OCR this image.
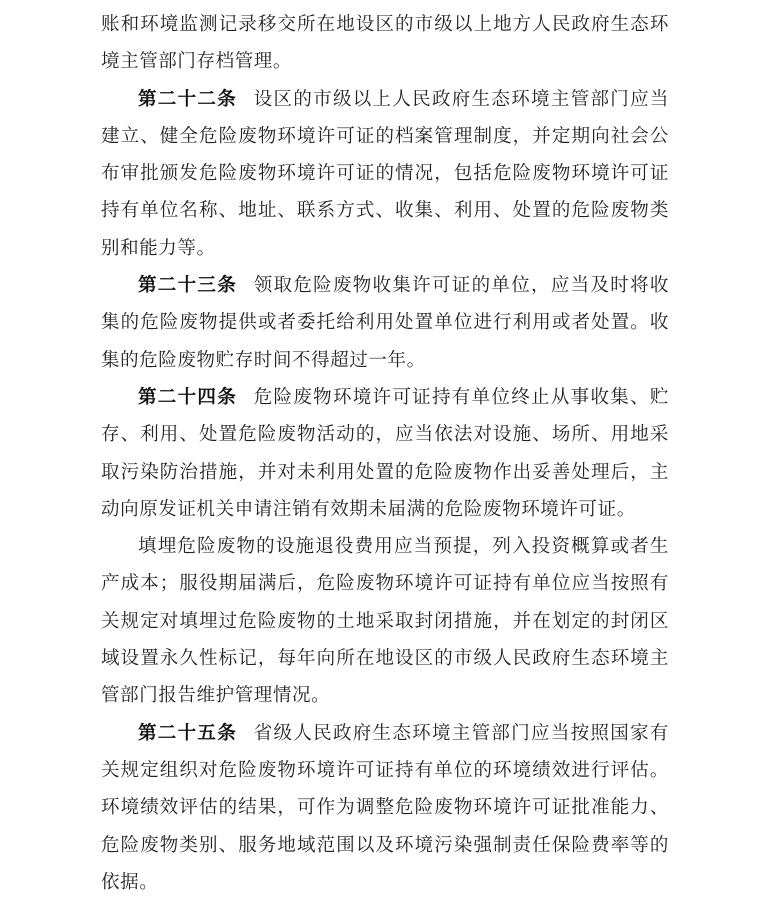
账和环境监测记录移交所在地设区的市级以上地方人民政府生态环境主管部门存档管理。

第二十二条 设区的市级以上人民政府生态环境主管部门应当建立、健全危险废物环境许可证的档案管理制度，并定期向社会公布审批颁发危险废物环境许可证的情况，包括危险废物环境许可证持有单位名称、地址、联系方式、收集、利用、处置的危险废物类别和能力等。

第二十三条 领取危险废物收集许可证的单位，应当及时将收集的危险废物提供或者委托给利用处置单位进行利用或者处置。收集的危险废物贮存时间不得超过一年。

第二十四条 危险废物环境许可证持有单位终止从事收集、贮存、利用、处置危险废物活动的，应当依法对设施、场所、用地采取污染防治措施，并对未利用处置的危险废物作出妥善处理后，主动向原发证机关申请注销有效期未届满的危险废物环境许可证。

填埋危险废物的设施退役费用应当预提，列入投资概算或者生产成本；服役期届满后，危险废物环境许可证持有单位应当按照有关规定对填埋过危险废物的土地采取封闭措施，并在划定的封闭区域设置永久性标记，每年向所在地设区的市级人民政府生态环境主管部门报告维护管理情况。

第二十五条 省级人民政府生态环境主管部门应当按照国家有关规定组织对危险废物环境许可证持有单位的环境绩效进行评估。环境绩效评估的结果，可作为调整危险废物环境许可证批准能力、危险废物类别、服务地域范围以及环境污染强制责任保险费率等的依据。
